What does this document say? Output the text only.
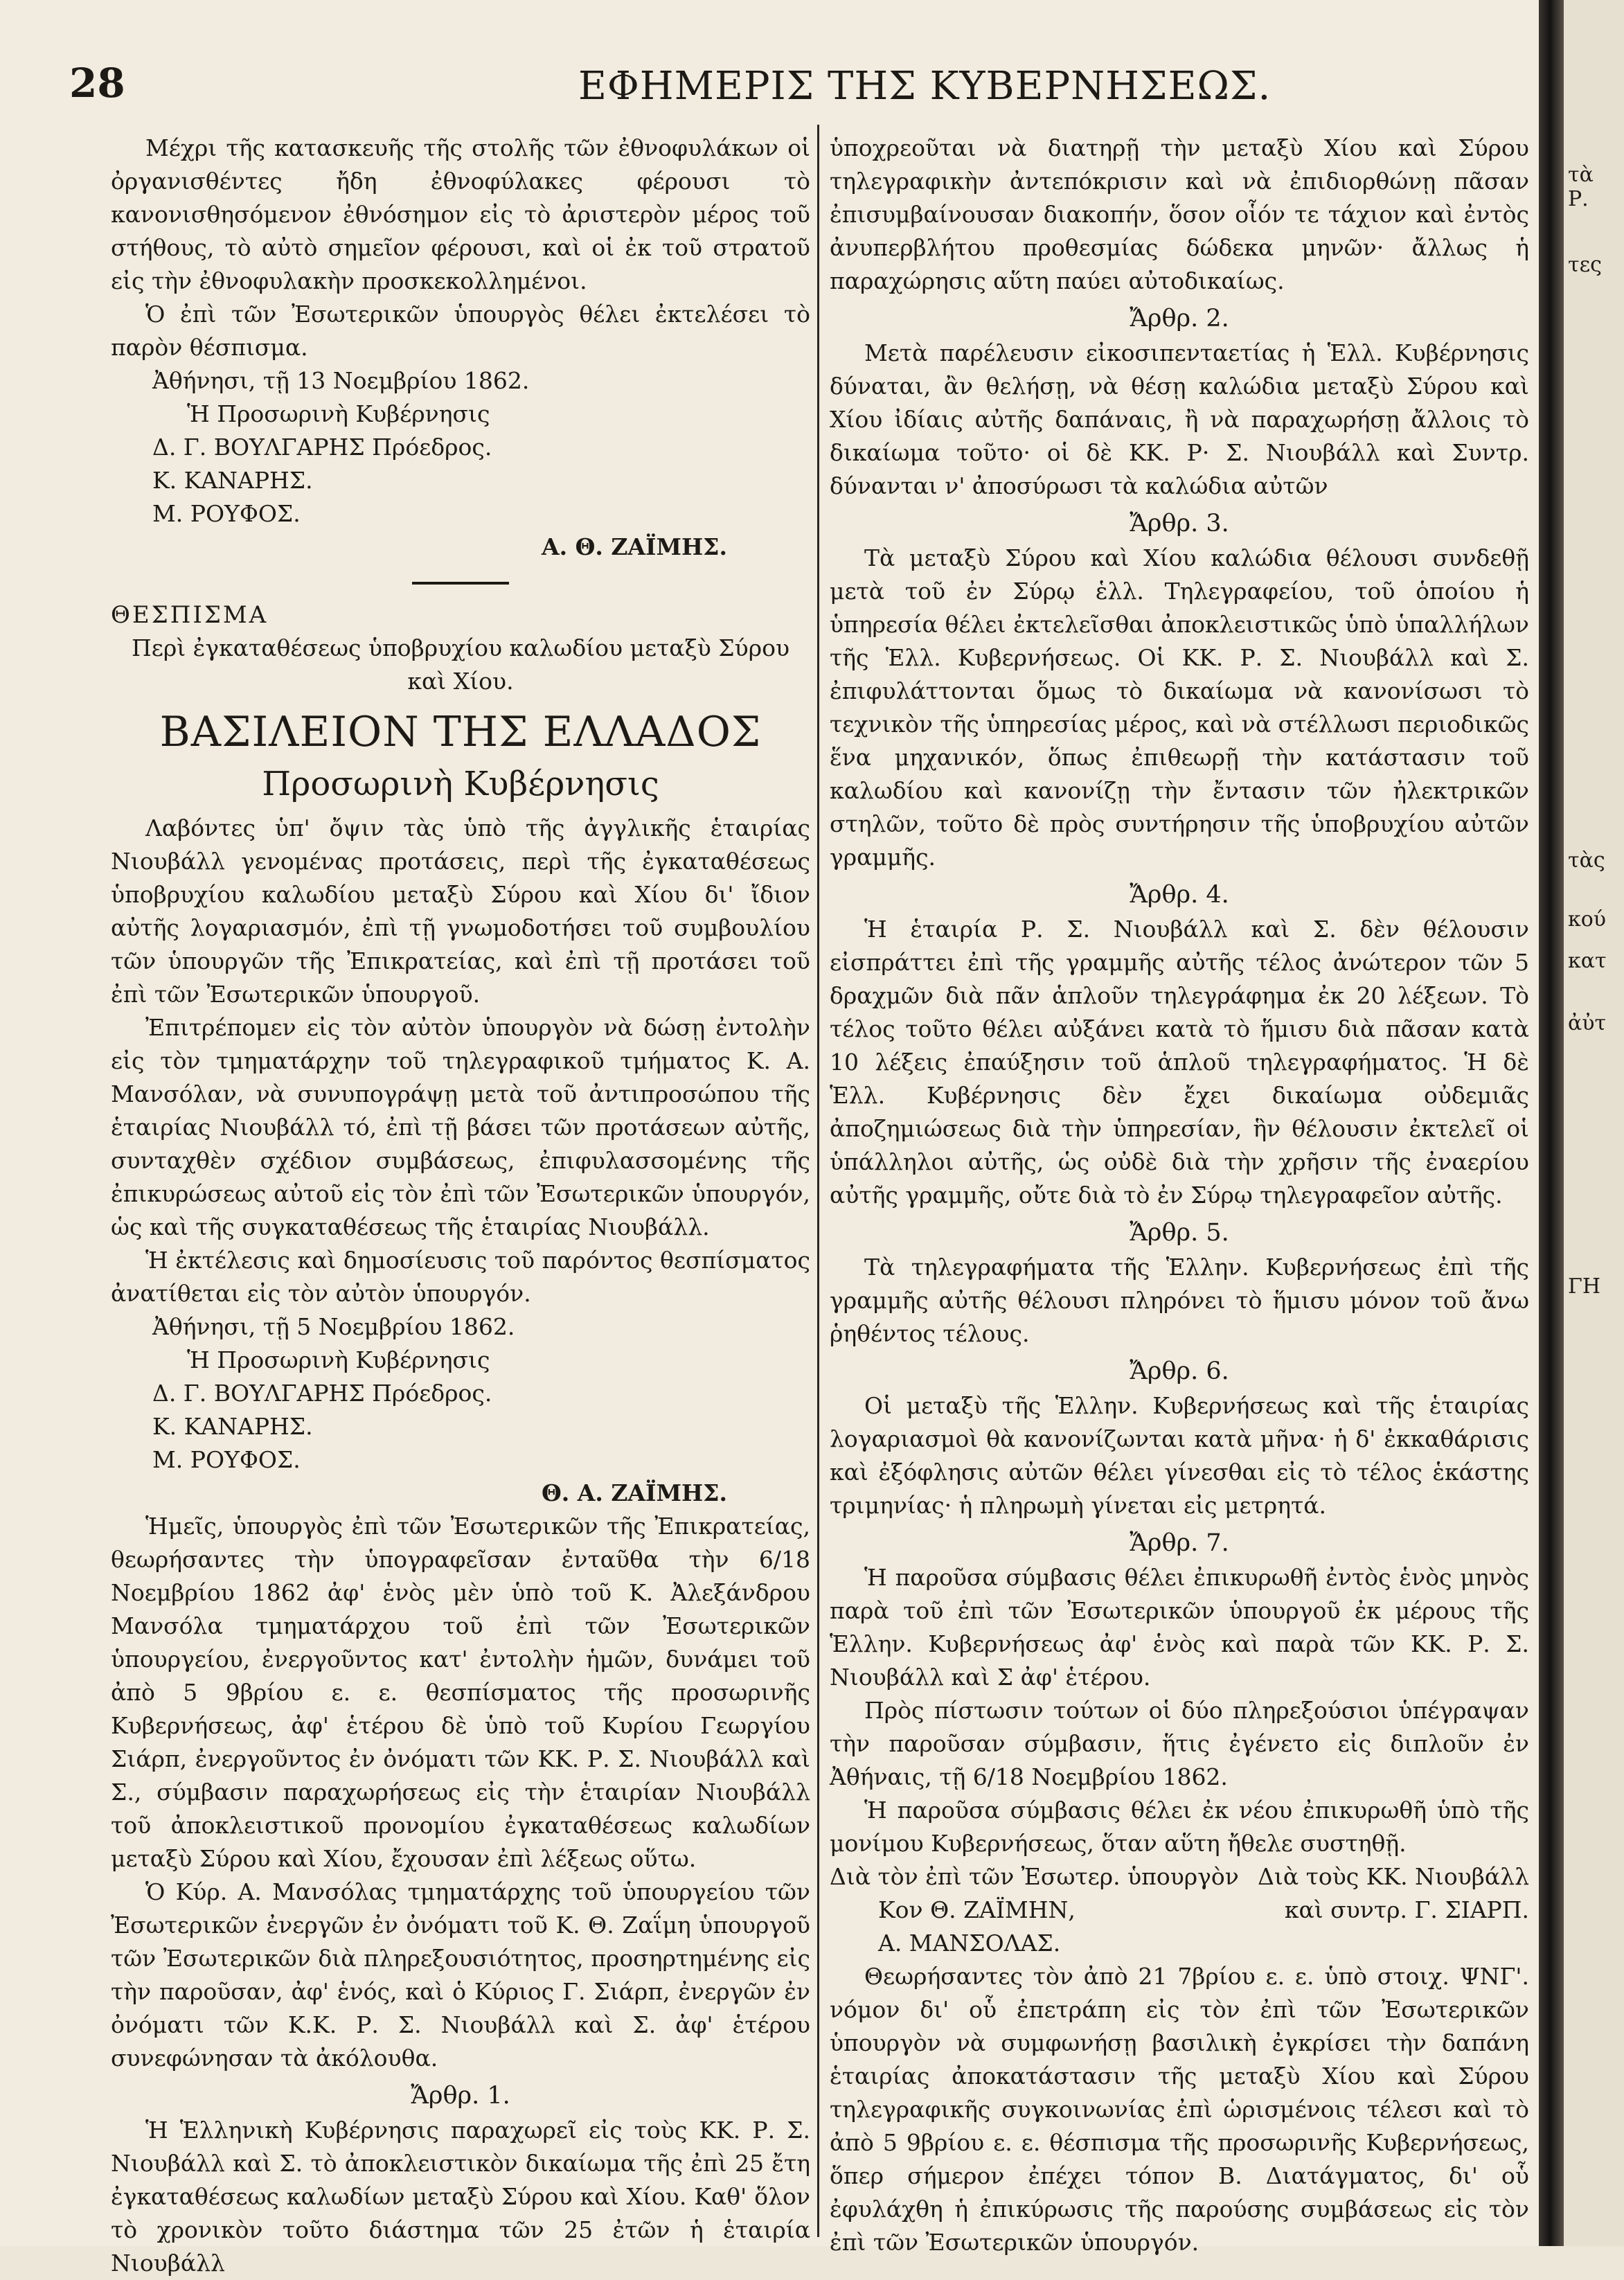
28	ΕΦΗΜΕΡΙΣ ΤΗΣ ΚΥΒΕΡΝΗΣΕΩΣ.

Μέχρι τῆς κατασκευῆς τῆς στολῆς τῶν ἐθνοφυλάκων οἱ ὀργανισθέντες ἤδη ἐθνοφύλακες φέρουσι τὸ κανονισθησόμενον ἐθνόσημον εἰς τὸ ἀριστερὸν μέρος τοῦ στήθους, τὸ αὐτὸ σημεῖον φέρουσι, καὶ οἱ ἐκ τοῦ στρατοῦ εἰς τὴν ἐθνοφυλακὴν προσκεκολλημένοι.

Ὁ ἐπὶ τῶν Ἐσωτερικῶν ὑπουργὸς θέλει ἐκτελέσει τὸ παρὸν θέσπισμα.

Ἀθήνησι, τῇ 13 Νοεμβρίου 1862.

Ἡ Προσωρινὴ Κυβέρνησις

Δ. Γ. ΒΟΥΛΓΑΡΗΣ Πρόεδρος.

Κ. ΚΑΝΑΡΗΣ.

Μ. ΡΟΥΦΟΣ.

Α. Θ. ΖΑΪΜΗΣ.

ΘΕΣΠΙΣΜΑ

Περὶ ἐγκαταθέσεως ὑποβρυχίου καλωδίου μεταξὺ Σύρου καὶ Χίου.

ΒΑΣΙΛΕΙΟΝ ΤΗΣ ΕΛΛΑΔΟΣ
Προσωρινὴ Κυβέρνησις

Λαβόντες ὑπ' ὄψιν τὰς ὑπὸ τῆς ἀγγλικῆς ἑταιρίας Νιουβάλλ γενομένας προτάσεις, περὶ τῆς ἐγκαταθέσεως ὑποβρυχίου καλωδίου μεταξὺ Σύρου καὶ Χίου δι' ἴδιον αὐτῆς λογαριασμόν, ἐπὶ τῇ γνωμοδοτήσει τοῦ συμβουλίου τῶν ὑπουργῶν τῆς Ἐπικρατείας, καὶ ἐπὶ τῇ προτάσει τοῦ ἐπὶ τῶν Ἐσωτερικῶν ὑπουργοῦ.

Ἐπιτρέπομεν εἰς τὸν αὐτὸν ὑπουργὸν νὰ δώσῃ ἐντολὴν εἰς τὸν τμηματάρχην τοῦ τηλεγραφικοῦ τμήματος Κ. Α. Μανσόλαν, νὰ συνυπογράψῃ μετὰ τοῦ ἀντιπροσώπου τῆς ἑταιρίας Νιουβάλλ τό, ἐπὶ τῇ βάσει τῶν προτάσεων αὐτῆς, συνταχθὲν σχέδιον συμβάσεως, ἐπιφυλασσομένης τῆς ἐπικυρώσεως αὐτοῦ εἰς τὸν ἐπὶ τῶν Ἐσωτερικῶν ὑπουργόν, ὡς καὶ τῆς συγκαταθέσεως τῆς ἑταιρίας Νιουβάλλ.

Ἡ ἐκτέλεσις καὶ δημοσίευσις τοῦ παρόντος θεσπίσματος ἀνατίθεται εἰς τὸν αὐτὸν ὑπουργόν.

Ἀθήνησι, τῇ 5 Νοεμβρίου 1862.

Ἡ Προσωρινὴ Κυβέρνησις

Δ. Γ. ΒΟΥΛΓΑΡΗΣ Πρόεδρος.

Κ. ΚΑΝΑΡΗΣ.

Μ. ΡΟΥΦΟΣ.

Θ. Α. ΖΑΪΜΗΣ.

Ἡμεῖς, ὑπουργὸς ἐπὶ τῶν Ἐσωτερικῶν τῆς Ἐπικρατείας, θεωρήσαντες τὴν ὑπογραφεῖσαν ἐνταῦθα τὴν 6/18 Νοεμβρίου 1862 ἀφ' ἑνὸς μὲν ὑπὸ τοῦ Κ. Ἀλεξάνδρου Μανσόλα τμηματάρχου τοῦ ἐπὶ τῶν Ἐσωτερικῶν ὑπουργείου, ἐνεργοῦντος κατ' ἐντολὴν ἡμῶν, δυνάμει τοῦ ἀπὸ 5 9βρίου ε. ε. θεσπίσματος τῆς προσωρινῆς Κυβερνήσεως, ἀφ' ἑτέρου δὲ ὑπὸ τοῦ Κυρίου Γεωργίου Σιάρπ, ἐνεργοῦντος ἐν ὀνόματι τῶν ΚΚ. Ρ. Σ. Νιουβάλλ καὶ Σ., σύμβασιν παραχωρήσεως εἰς τὴν ἑταιρίαν Νιουβάλλ τοῦ ἀποκλειστικοῦ προνομίου ἐγκαταθέσεως καλωδίων μεταξὺ Σύρου καὶ Χίου, ἔχουσαν ἐπὶ λέξεως οὕτω.

Ὁ Κύρ. Α. Μανσόλας τμηματάρχης τοῦ ὑπουργείου τῶν Ἐσωτερικῶν ἐνεργῶν ἐν ὀνόματι τοῦ Κ. Θ. Ζαΐμη ὑπουργοῦ τῶν Ἐσωτερικῶν διὰ πληρεξουσιότητος, προσηρτημένης εἰς τὴν παροῦσαν, ἀφ' ἑνός, καὶ ὁ Κύριος Γ. Σιάρπ, ἐνεργῶν ἐν ὀνόματι τῶν Κ.Κ. Ρ. Σ. Νιουβάλλ καὶ Σ. ἀφ' ἑτέρου συνεφώνησαν τὰ ἀκόλουθα.

Ἄρθρ. 1.

Ἡ Ἑλληνικὴ Κυβέρνησις παραχωρεῖ εἰς τοὺς ΚΚ. Ρ. Σ. Νιουβάλλ καὶ Σ. τὸ ἀποκλειστικὸν δικαίωμα τῆς ἐπὶ 25 ἔτη ἐγκαταθέσεως καλωδίων μεταξὺ Σύρου καὶ Χίου. Καθ' ὅλον τὸ χρονικὸν τοῦτο διάστημα τῶν 25 ἐτῶν ἡ ἑταιρία Νιουβάλλ

ὑποχρεοῦται νὰ διατηρῇ τὴν μεταξὺ Χίου καὶ Σύρου τηλεγραφικὴν ἀντεπόκρισιν καὶ νὰ ἐπιδιορθώνῃ πᾶσαν ἐπισυμβαίνουσαν διακοπήν, ὅσον οἷόν τε τάχιον καὶ ἐντὸς ἀνυπερβλήτου προθεσμίας δώδεκα μηνῶν· ἄλλως ἡ παραχώρησις αὕτη παύει αὐτοδικαίως.

Ἄρθρ. 2.

Μετὰ παρέλευσιν εἰκοσιπενταετίας ἡ Ἑλλ. Κυβέρνησις δύναται, ἂν θελήσῃ, νὰ θέσῃ καλώδια μεταξὺ Σύρου καὶ Χίου ἰδίαις αὐτῆς δαπάναις, ἢ νὰ παραχωρήσῃ ἄλλοις τὸ δικαίωμα τοῦτο· οἱ δὲ ΚΚ. Ρ· Σ. Νιουβάλλ καὶ Συντρ. δύνανται ν' ἀποσύρωσι τὰ καλώδια αὐτῶν

Ἄρθρ. 3.

Τὰ μεταξὺ Σύρου καὶ Χίου καλώδια θέλουσι συνδεθῇ μετὰ τοῦ ἐν Σύρῳ ἑλλ. Τηλεγραφείου, τοῦ ὁποίου ἡ ὑπηρεσία θέλει ἐκτελεῖσθαι ἀποκλειστικῶς ὑπὸ ὑπαλλήλων τῆς Ἑλλ. Κυβερνήσεως. Οἱ ΚΚ. Ρ. Σ. Νιουβάλλ καὶ Σ. ἐπιφυλάττονται ὅμως τὸ δικαίωμα νὰ κανονίσωσι τὸ τεχνικὸν τῆς ὑπηρεσίας μέρος, καὶ νὰ στέλλωσι περιοδικῶς ἕνα μηχανικόν, ὅπως ἐπιθεωρῇ τὴν κατάστασιν τοῦ καλωδίου καὶ κανονίζῃ τὴν ἔντασιν τῶν ἠλεκτρικῶν στηλῶν, τοῦτο δὲ πρὸς συντήρησιν τῆς ὑποβρυχίου αὐτῶν γραμμῆς.

Ἄρθρ. 4.

Ἡ ἑταιρία Ρ. Σ. Νιουβάλλ καὶ Σ. δὲν θέλουσιν εἰσπράττει ἐπὶ τῆς γραμμῆς αὐτῆς τέλος ἀνώτερον τῶν 5 δραχμῶν διὰ πᾶν ἁπλοῦν τηλεγράφημα ἐκ 20 λέξεων. Τὸ τέλος τοῦτο θέλει αὐξάνει κατὰ τὸ ἥμισυ διὰ πᾶσαν κατὰ 10 λέξεις ἐπαύξησιν τοῦ ἁπλοῦ τηλεγραφήματος. Ἡ δὲ Ἑλλ. Κυβέρνησις δὲν ἔχει δικαίωμα οὐδεμιᾶς ἀποζημιώσεως διὰ τὴν ὑπηρεσίαν, ἣν θέλουσιν ἐκτελεῖ οἱ ὑπάλληλοι αὐτῆς, ὡς οὐδὲ διὰ τὴν χρῆσιν τῆς ἐναερίου αὐτῆς γραμμῆς, οὔτε διὰ τὸ ἐν Σύρῳ τηλεγραφεῖον αὐτῆς.

Ἄρθρ. 5.

Τὰ τηλεγραφήματα τῆς Ἑλλην. Κυβερνήσεως ἐπὶ τῆς γραμμῆς αὐτῆς θέλουσι πληρόνει τὸ ἥμισυ μόνον τοῦ ἄνω ῥηθέντος τέλους.

Ἄρθρ. 6.

Οἱ μεταξὺ τῆς Ἑλλην. Κυβερνήσεως καὶ τῆς ἑταιρίας λογαριασμοὶ θὰ κανονίζωνται κατὰ μῆνα· ἡ δ' ἐκκαθάρισις καὶ ἐξόφλησις αὐτῶν θέλει γίνεσθαι εἰς τὸ τέλος ἑκάστης τριμηνίας· ἡ πληρωμὴ γίνεται εἰς μετρητά.

Ἄρθρ. 7.

Ἡ παροῦσα σύμβασις θέλει ἐπικυρωθῆ ἐντὸς ἑνὸς μηνὸς παρὰ τοῦ ἐπὶ τῶν Ἐσωτερικῶν ὑπουργοῦ ἐκ μέρους τῆς Ἑλλην. Κυβερνήσεως ἀφ' ἑνὸς καὶ παρὰ τῶν ΚΚ. Ρ. Σ. Νιουβάλλ καὶ Σ ἀφ' ἑτέρου.

Πρὸς πίστωσιν τούτων οἱ δύο πληρεξούσιοι ὑπέγραψαν τὴν παροῦσαν σύμβασιν, ἥτις ἐγένετο εἰς διπλοῦν ἐν Ἀθήναις, τῇ 6/18 Νοεμβρίου 1862.

Ἡ παροῦσα σύμβασις θέλει ἐκ νέου ἐπικυρωθῆ ὑπὸ τῆς μονίμου Κυβερνήσεως, ὅταν αὕτη ἤθελε συστηθῇ.

Διὰ τὸν ἐπὶ τῶν Ἐσωτερ. ὑπουργὸν Διὰ τοὺς ΚΚ. Νιουβάλλ
Κον Θ. ΖΑΪΜΗΝ,	καὶ συντρ. Γ. ΣΙΑΡΠ.
Α. ΜΑΝΣΟΛΑΣ.

Θεωρήσαντες τὸν ἀπὸ 21 7βρίου ε. ε. ὑπὸ στοιχ. ΨΝΓ'. νόμον δι' οὗ ἐπετράπη εἰς τὸν ἐπὶ τῶν Ἐσωτερικῶν ὑπουργὸν νὰ συμφωνήσῃ βασιλικὴ ἐγκρίσει τὴν δαπάνη ἑταιρίας ἀποκατάστασιν τῆς μεταξὺ Χίου καὶ Σύρου τηλεγραφικῆς συγκοινωνίας ἐπὶ ὡρισμένοις τέλεσι καὶ τὸ ἀπὸ 5 9βρίου ε. ε. θέσπισμα τῆς προσωρινῆς Κυβερνήσεως, ὅπερ σήμερον ἐπέχει τόπον Β. Διατάγματος, δι' οὗ ἐφυλάχθη ἡ ἐπικύρωσις τῆς παρούσης συμβάσεως εἰς τὸν ἐπὶ τῶν Ἐσωτερικῶν ὑπουργόν.

τὰ
Ρ.
τες
τὰς
κού
κατ
ἀὐτ
ΓΗ
